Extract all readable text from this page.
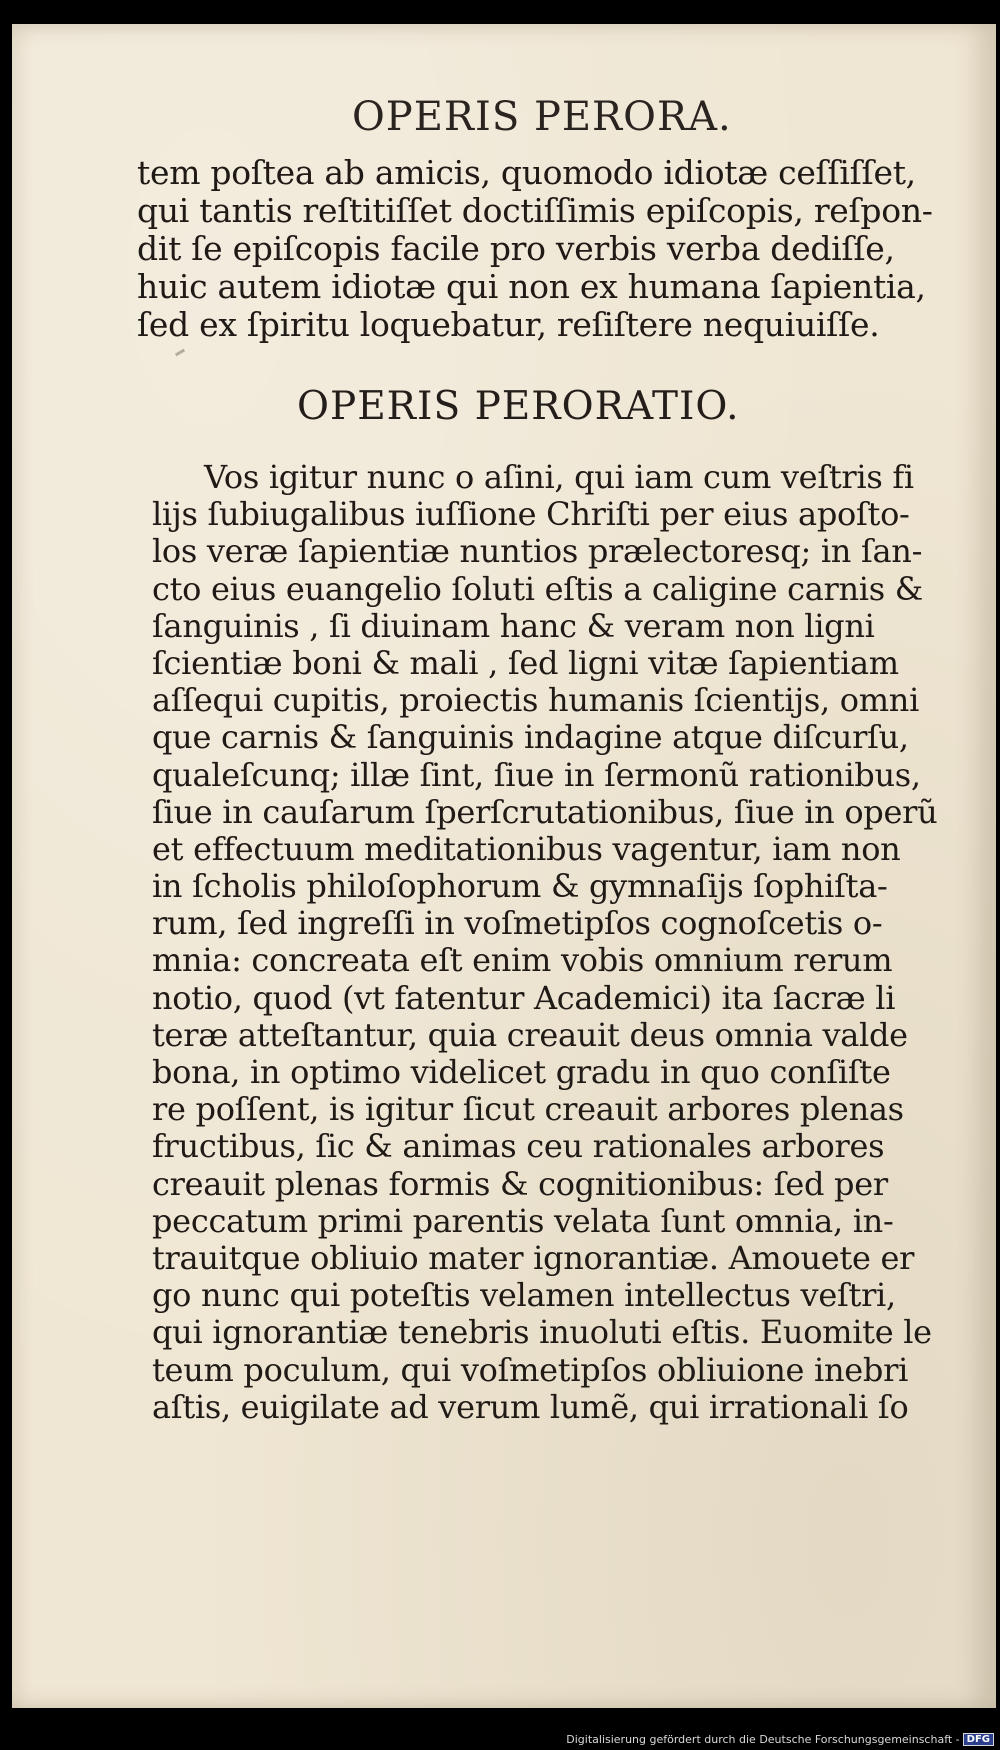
OPERIS PERORA.
tem poſtea ab amicis, quomodo idiotæ ceſſiſſet,
qui tantis reſtitiſſet doctiſſimis epiſcopis, reſpon-
dit ſe epiſcopis facile pro verbis verba dediſſe,
huic autem idiotæ qui non ex humana ſapientia,
ſed ex ſpiritu loquebatur, reſiſtere nequiuiſſe.
OPERIS PERORATIO.
Vos igitur nunc o aſini, qui iam cum veſtris fi
lijs ſubiugalibus iuſſione Chriſti per eius apoſto-
los veræ ſapientiæ nuntios prælectoresq; in ſan-
cto eius euangelio ſoluti eſtis a caligine carnis &
ſanguinis , ſi diuinam hanc & veram non ligni
ſcientiæ boni & mali , ſed ligni vitæ ſapientiam
aſſequi cupitis, proiectis humanis ſcientijs, omni
que carnis & ſanguinis indagine atque diſcurſu,
qualeſcunq; illæ ſint, ſiue in ſermonũ rationibus,
ſiue in cauſarum ſperſcrutationibus, ſiue in operũ
et effectuum meditationibus vagentur, iam non
in ſcholis philoſophorum & gymnaſijs ſophiſta-
rum, ſed ingreſſi in voſmetipſos cognoſcetis o-
mnia: concreata eſt enim vobis omnium rerum
notio, quod (vt fatentur Academici) ita ſacræ li
teræ atteſtantur, quia creauit deus omnia valde
bona, in optimo videlicet gradu in quo conſiſte
re poſſent, is igitur ſicut creauit arbores plenas
fructibus, ſic & animas ceu rationales arbores
creauit plenas formis & cognitionibus: ſed per
peccatum primi parentis velata ſunt omnia, in-
trauitque obliuio mater ignorantiæ. Amouete er
go nunc qui poteſtis velamen intellectus veſtri,
qui ignorantiæ tenebris inuoluti eſtis. Euomite le
teum poculum, qui voſmetipſos obliuione inebri
aſtis, euigilate ad verum lumẽ, qui irrationali ſo
Digitalisierung gefördert durch die Deutsche Forschungsgemeinschaft - DFG
